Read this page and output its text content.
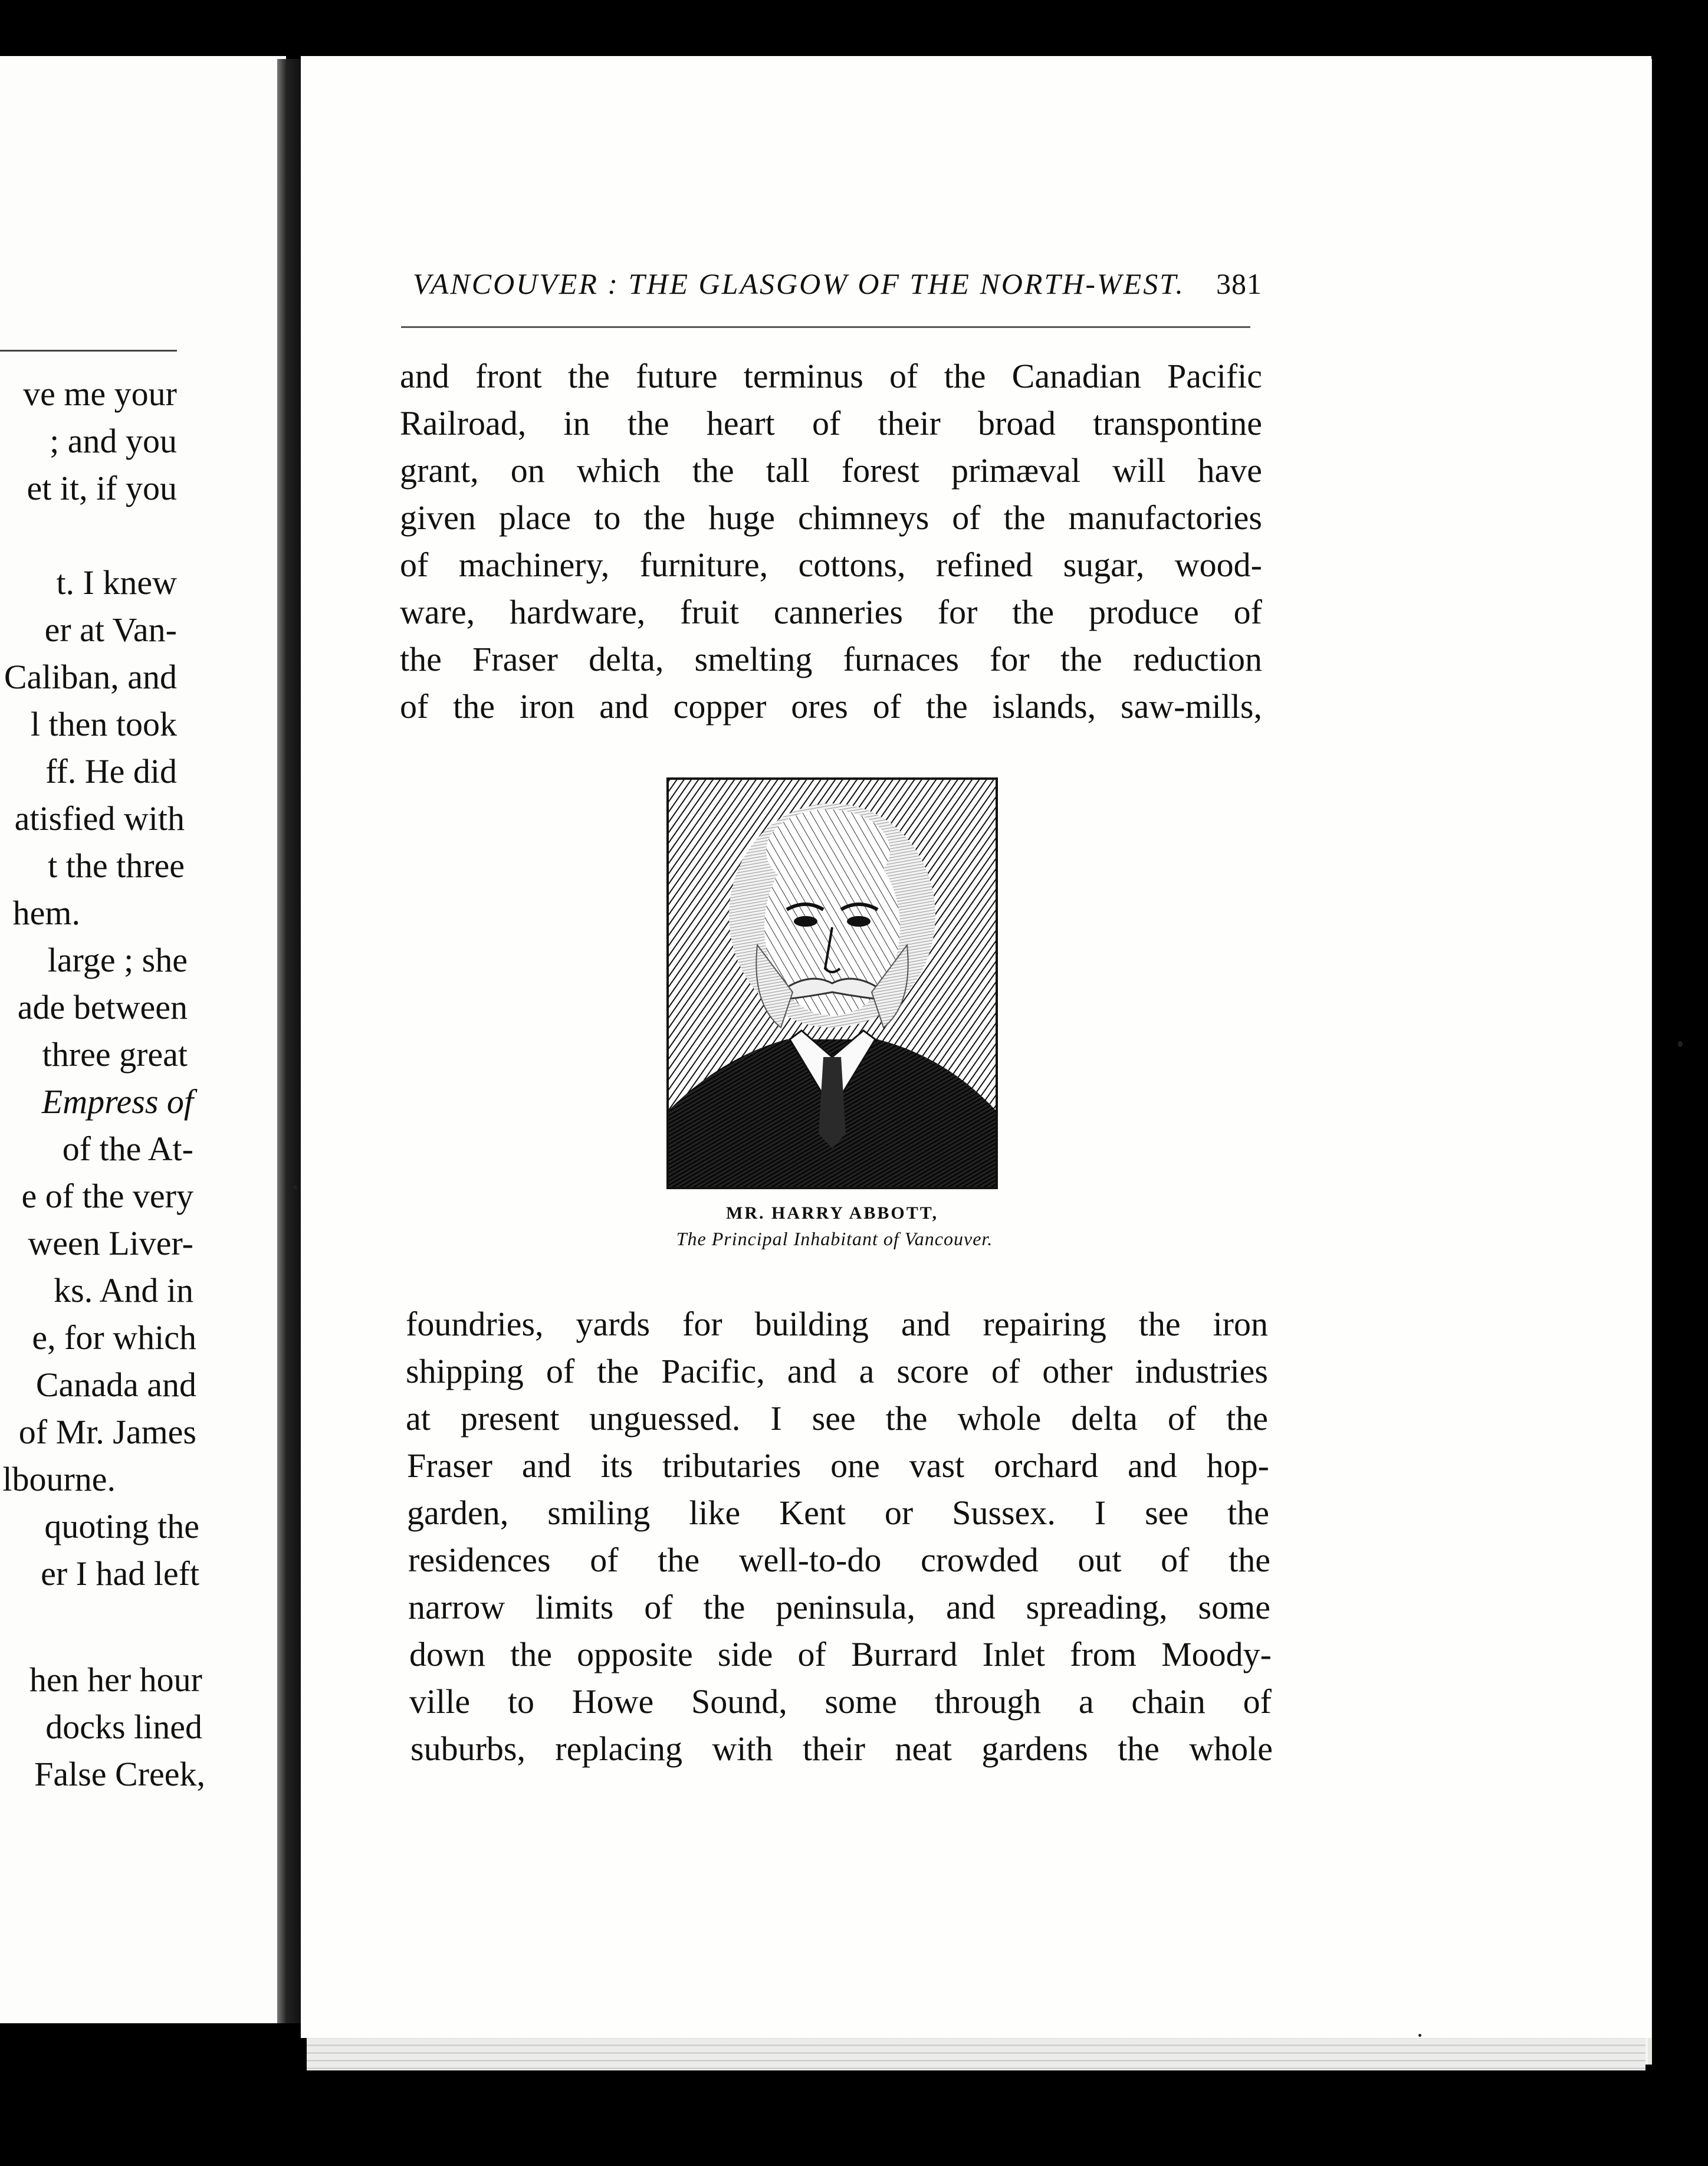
ve me your
; and you
et it, if you
t. I knew
er at Van-
Caliban, and
l then took
ff. He did
atisfied with
t the three
hem.
large ; she
ade between
three great
Empress of
of the At-
e of the very
ween Liver-
ks. And in
e, for which
Canada and
of Mr. James
lbourne.
quoting the
er I had left
hen her hour
docks lined
False Creek,
VANCOUVER : THE GLASGOW OF THE NORTH-WEST. 381
and front the future terminus of the Canadian Pacific
Railroad, in the heart of their broad transpontine
grant, on which the tall forest primæval will have
given place to the huge chimneys of the manufactories
of machinery, furniture, cottons, refined sugar, wood-
ware, hardware, fruit canneries for the produce of
the Fraser delta, smelting furnaces for the reduction
of the iron and copper ores of the islands, saw-mills,
MR. HARRY ABBOTT,
The Principal Inhabitant of Vancouver.
foundries, yards for building and repairing the iron
shipping of the Pacific, and a score of other industries
at present unguessed. I see the whole delta of the
Fraser and its tributaries one vast orchard and hop-
garden, smiling like Kent or Sussex. I see the
residences of the well-to-do crowded out of the
narrow limits of the peninsula, and spreading, some
down the opposite side of Burrard Inlet from Moody-
ville to Howe Sound, some through a chain of
suburbs, replacing with their neat gardens the whole
